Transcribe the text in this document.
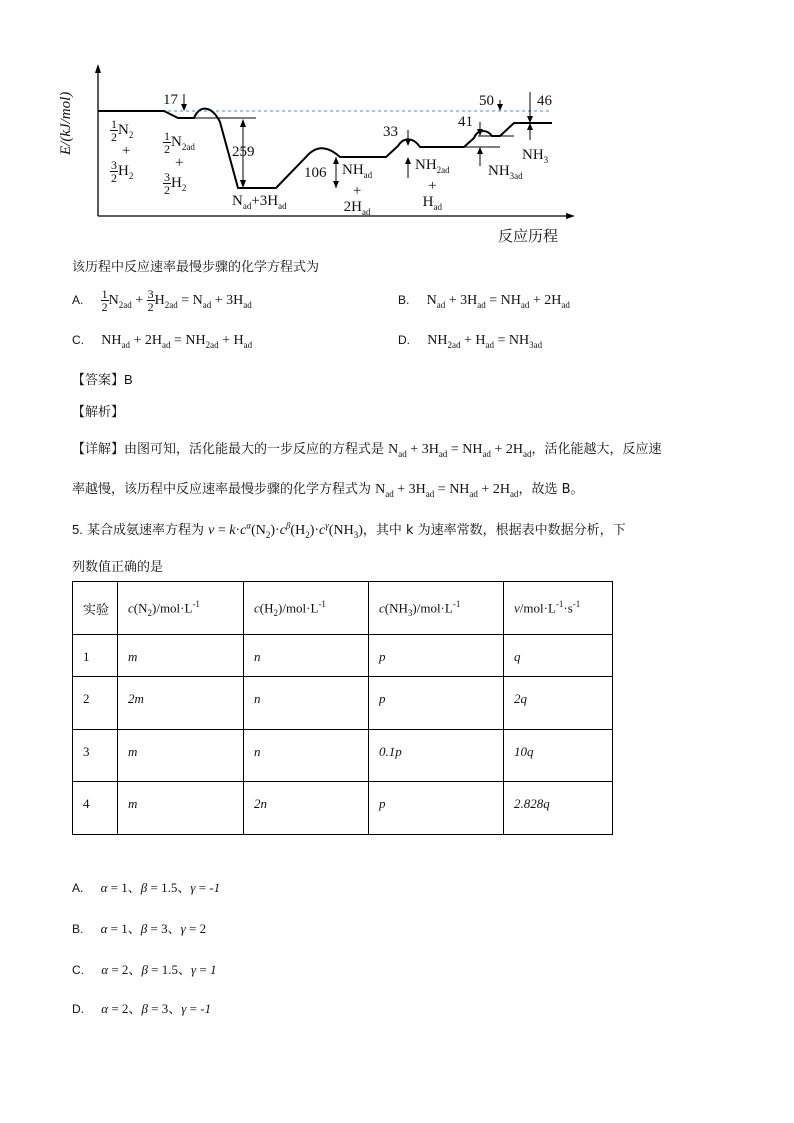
E/(kJ/mol)
反应历程
17
259
106
33
41
50	46
$\frac{1}{2} N_2$
+
$\frac{3}{2} H_2$
$\frac{1}{2} N_{2ad}$
+
$\frac{3}{2} H_2$
$N_{ad}+3H_{ad}$
$NH_{ad}$
+
$2H_{ad}$
$NH_{2ad}$
+
$H_{ad}$
$NH_{3ad}$
$NH_3$
该历程中反应速率最慢步骤的化学方程式为
A. $\frac{1}{2} N_{2ad} + \frac{3}{2} H_{2ad} = N_{ad} + 3H_{ad}$	B. $N_{ad} + 3H_{ad} = NH_{ad} + 2H_{ad}$
C. $NH_{ad} + 2H_{ad} = NH_{2ad} + H_{ad}$	D. $NH_{2ad} + H_{ad} = NH_{3ad}$
【答案】B
【解析】
【详解】由图可知，活化能最大的一步反应的方程式是 $N_{ad} + 3H_{ad} = NH_{ad} + 2H_{ad}$，活化能越大，反应速
率越慢，该历程中反应速率最慢步骤的化学方程式为 $N_{ad} + 3H_{ad} = NH_{ad} + 2H_{ad}$，故选 B。
5. 某合成氨速率方程为 $v = k\cdot c^\alpha(N_2)\cdot c^\beta(H_2)\cdot c^\gamma(NH_3)$，其中 k 为速率常数，根据表中数据分析，下
列数值正确的是
实验	$c(N_2)/mol\cdot L^{-1}$	$c(H_2)/mol\cdot L^{-1}$	$c(NH_3)/mol\cdot L^{-1}$	$v/mol\cdot L^{-1}\cdot s^{-1}$

1	m	n	p	q

2	2m	n	p	2q

3	m	n	0.1p	10q

4	m	2n	p	2.828q
A. α = 1、β = 1.5、γ = -1
B. α = 1、β = 3、γ = 2
C. α = 2、β = 1.5、γ = 1
D. α = 2、β = 3、γ = -1
